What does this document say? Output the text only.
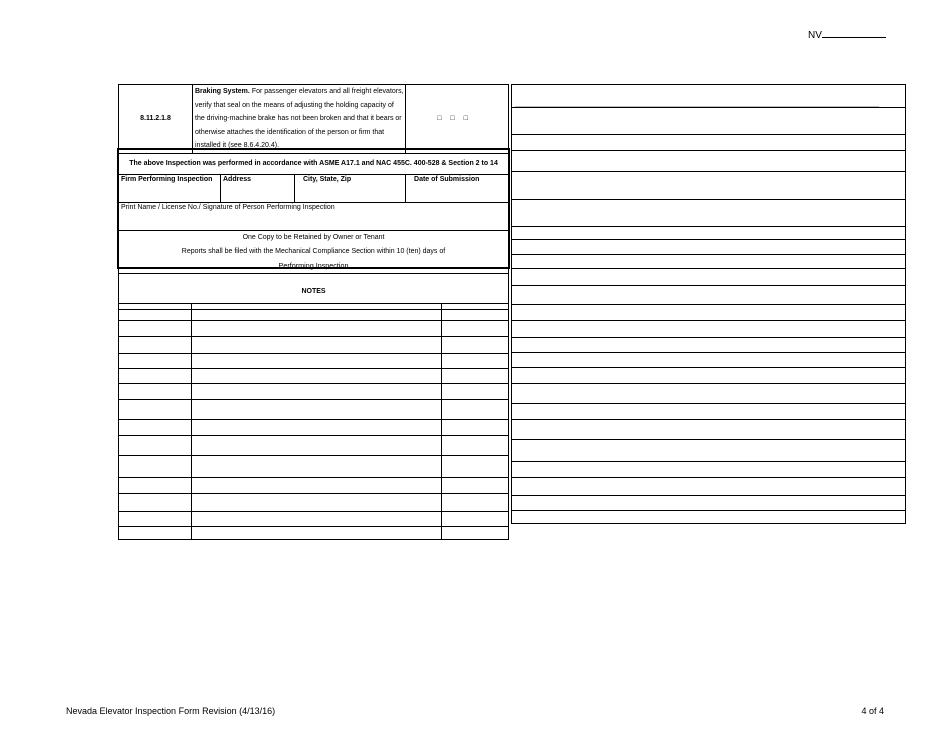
NV
8.11.2.1.8	Braking System. For passenger elevators and all freight elevators, verify that seal on the means of adjusting the holding capacity of the driving-machine brake has not been broken and that it bears or otherwise attaches the identification of the person or firm that installed it (see 8.6.4.20.4).			□□□
The above Inspection was performed in accordance with ASME A17.1 and NAC 455C. 400-528 & Section 2 to 14				
Firm Performing Inspection		Address	City, State, Zip	Date of Submission
Print Name / License No./ Signature of Person Performing Inspection				

One Copy to be Retained by Owner or Tenant
Reports shall be filed with the Mechanical Compliance Section within 10 (ten) days of
Performing Inspection				

NOTES				

Nevada Elevator Inspection Form Revision (4/13/16)	4 of 4
